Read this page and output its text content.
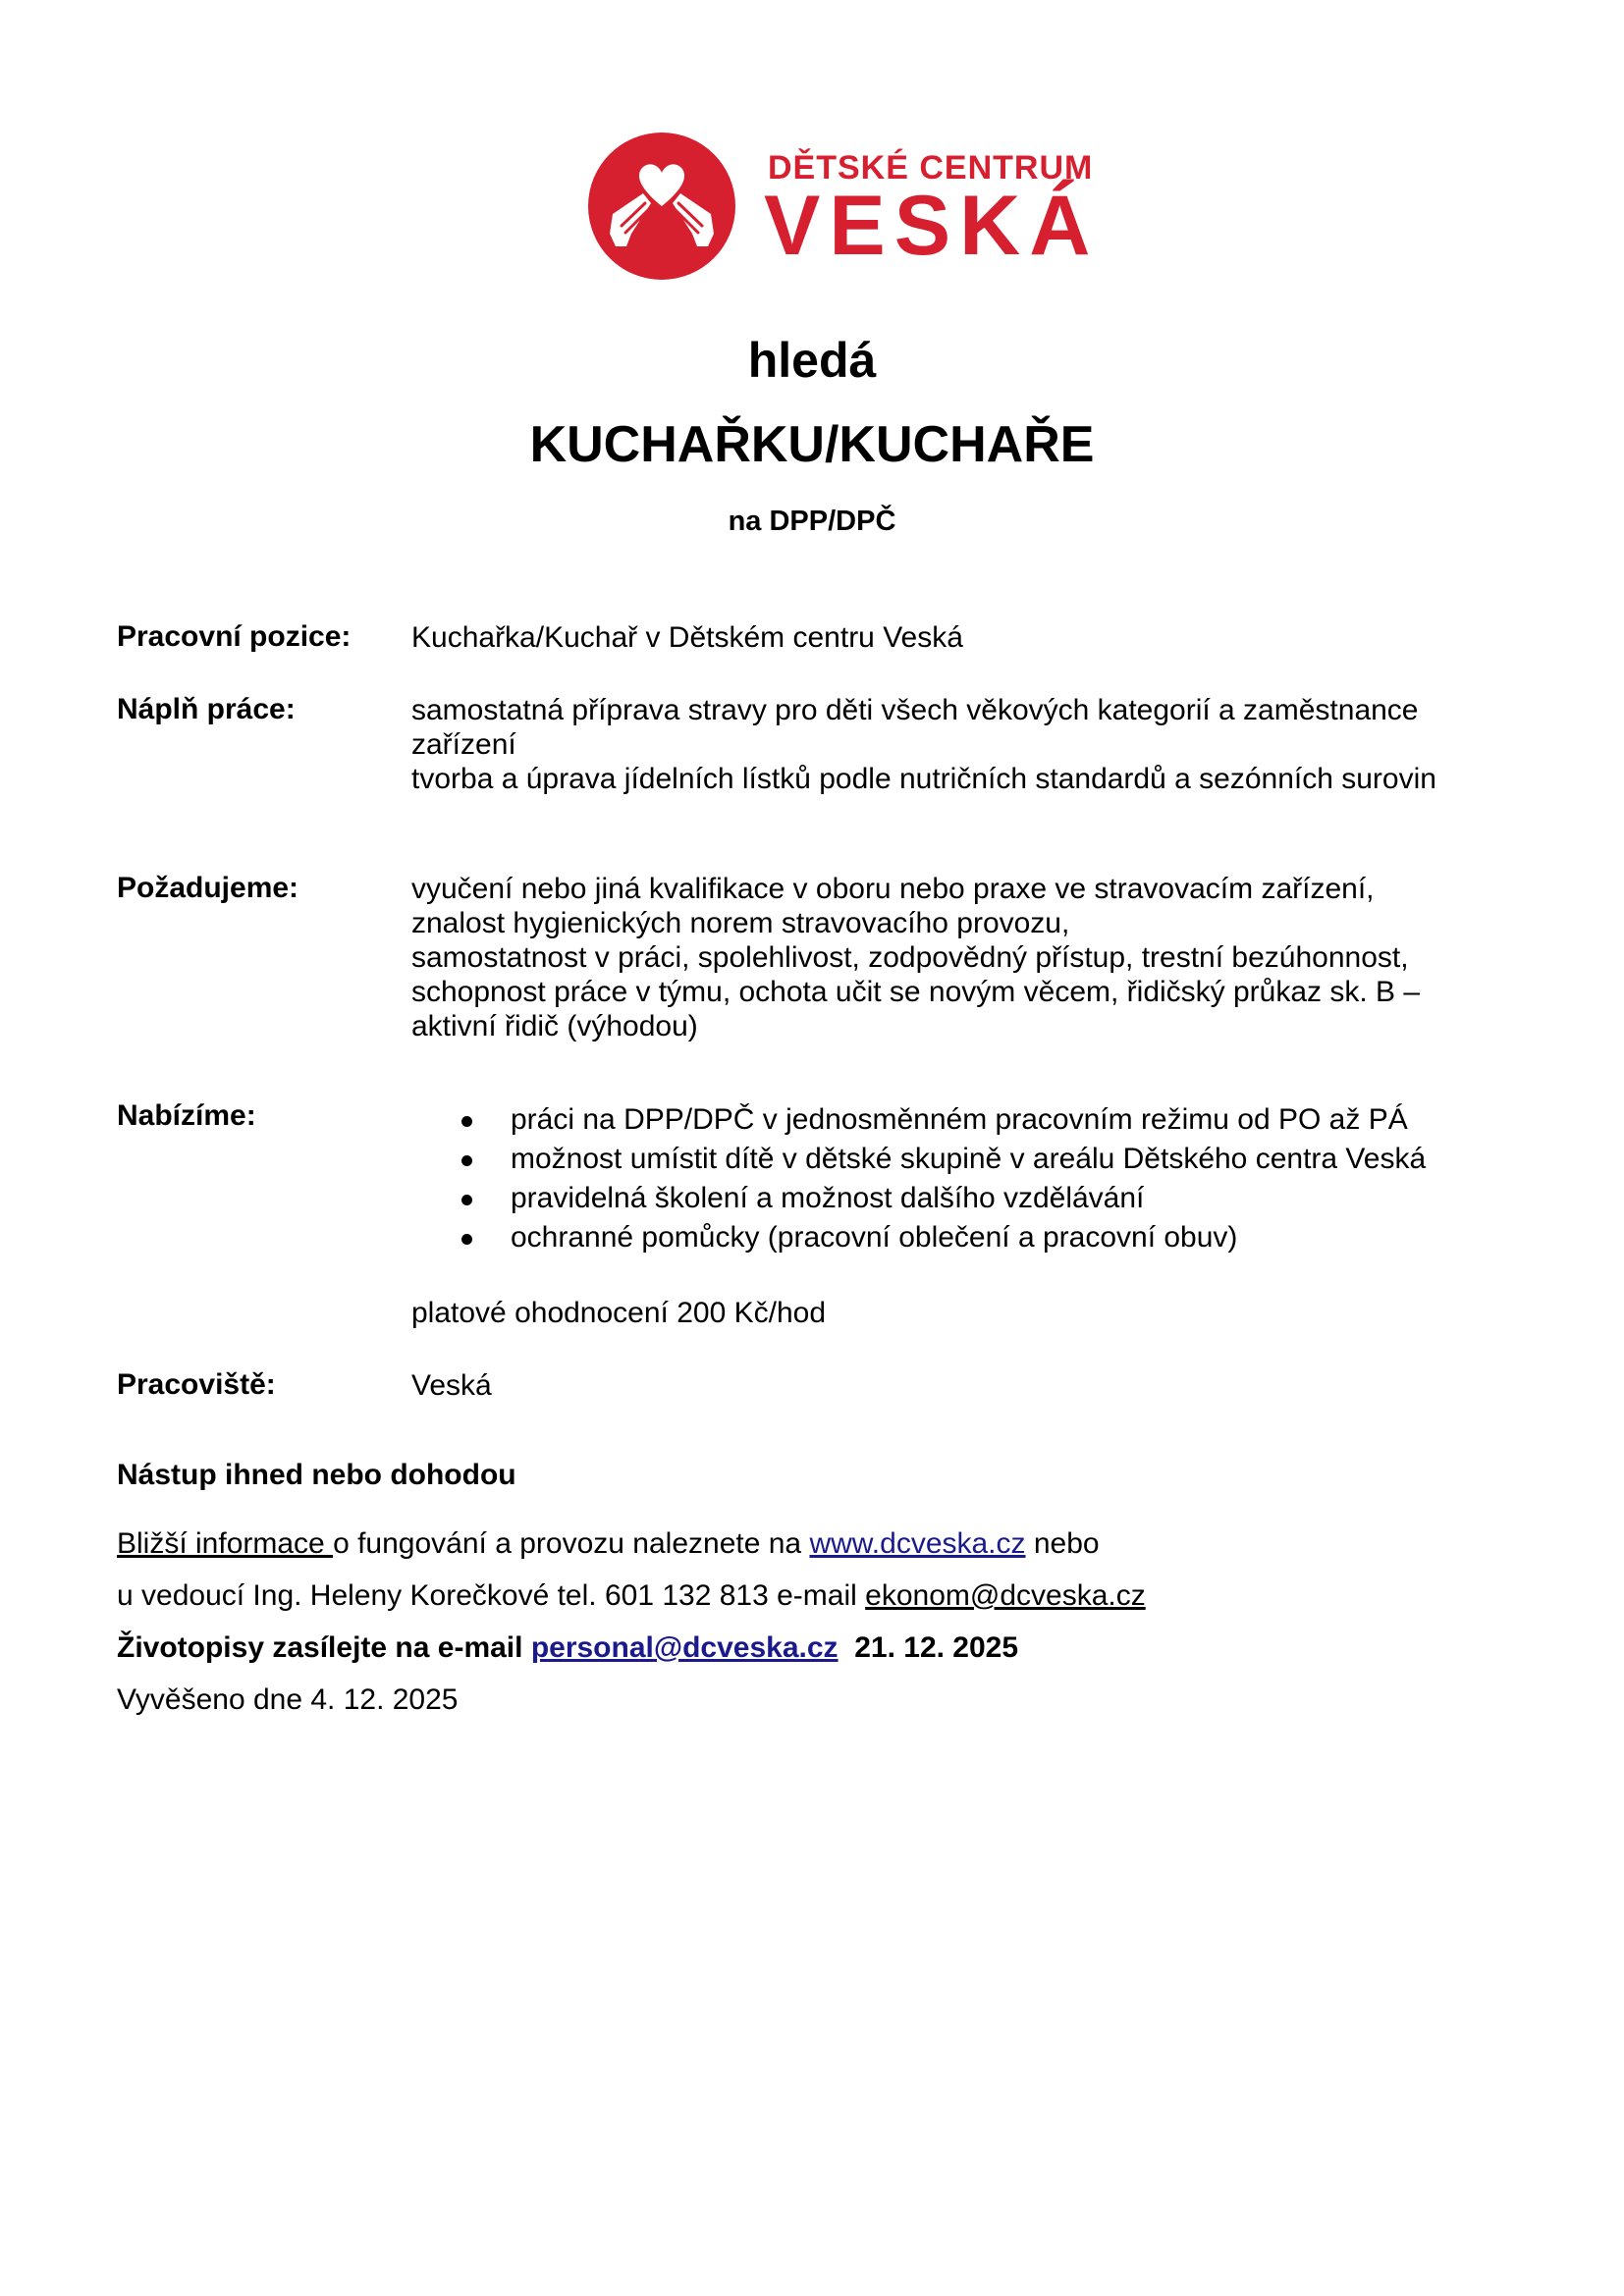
DĚTSKÉ CENTRUM
VESKÁ
hledá
KUCHAŘKU/KUCHAŘE
na DPP/DPČ
Pracovní pozice: Kuchařka/Kuchař v Dětském centru Veská
Náplň práce:	samostatná příprava stravy pro děti všech věkových kategorií a zaměstnance
zařízení
tvorba a úprava jídelních lístků podle nutričních standardů a sezónních surovin
Požadujeme:	vyučení nebo jiná kvalifikace v oboru nebo praxe ve stravovacím zařízení,
znalost hygienických norem stravovacího provozu,
samostatnost v práci, spolehlivost, zodpovědný přístup, trestní bezúhonnost,
schopnost práce v týmu, ochota učit se novým věcem, řidičský průkaz sk. B –
aktivní řidič (výhodou)
Nabízíme:	práci na DPP/DPČ v jednosměnném pracovním režimu od PO až PÁ
možnost umístit dítě v dětské skupině v areálu Dětského centra Veská
pravidelná školení a možnost dalšího vzdělávání
ochranné pomůcky (pracovní oblečení a pracovní obuv)
platové ohodnocení 200 Kč/hod
Pracoviště:	Veská
Nástup ihned nebo dohodou
Bližší informace o fungování a provozu naleznete na www.dcveska.cz nebo
u vedoucí Ing. Heleny Korečkové tel. 601 132 813 e-mail ekonom@dcveska.cz
Životopisy zasílejte na e-mail personal@dcveska.cz  21. 12. 2025
Vyvěšeno dne 4. 12. 2025
